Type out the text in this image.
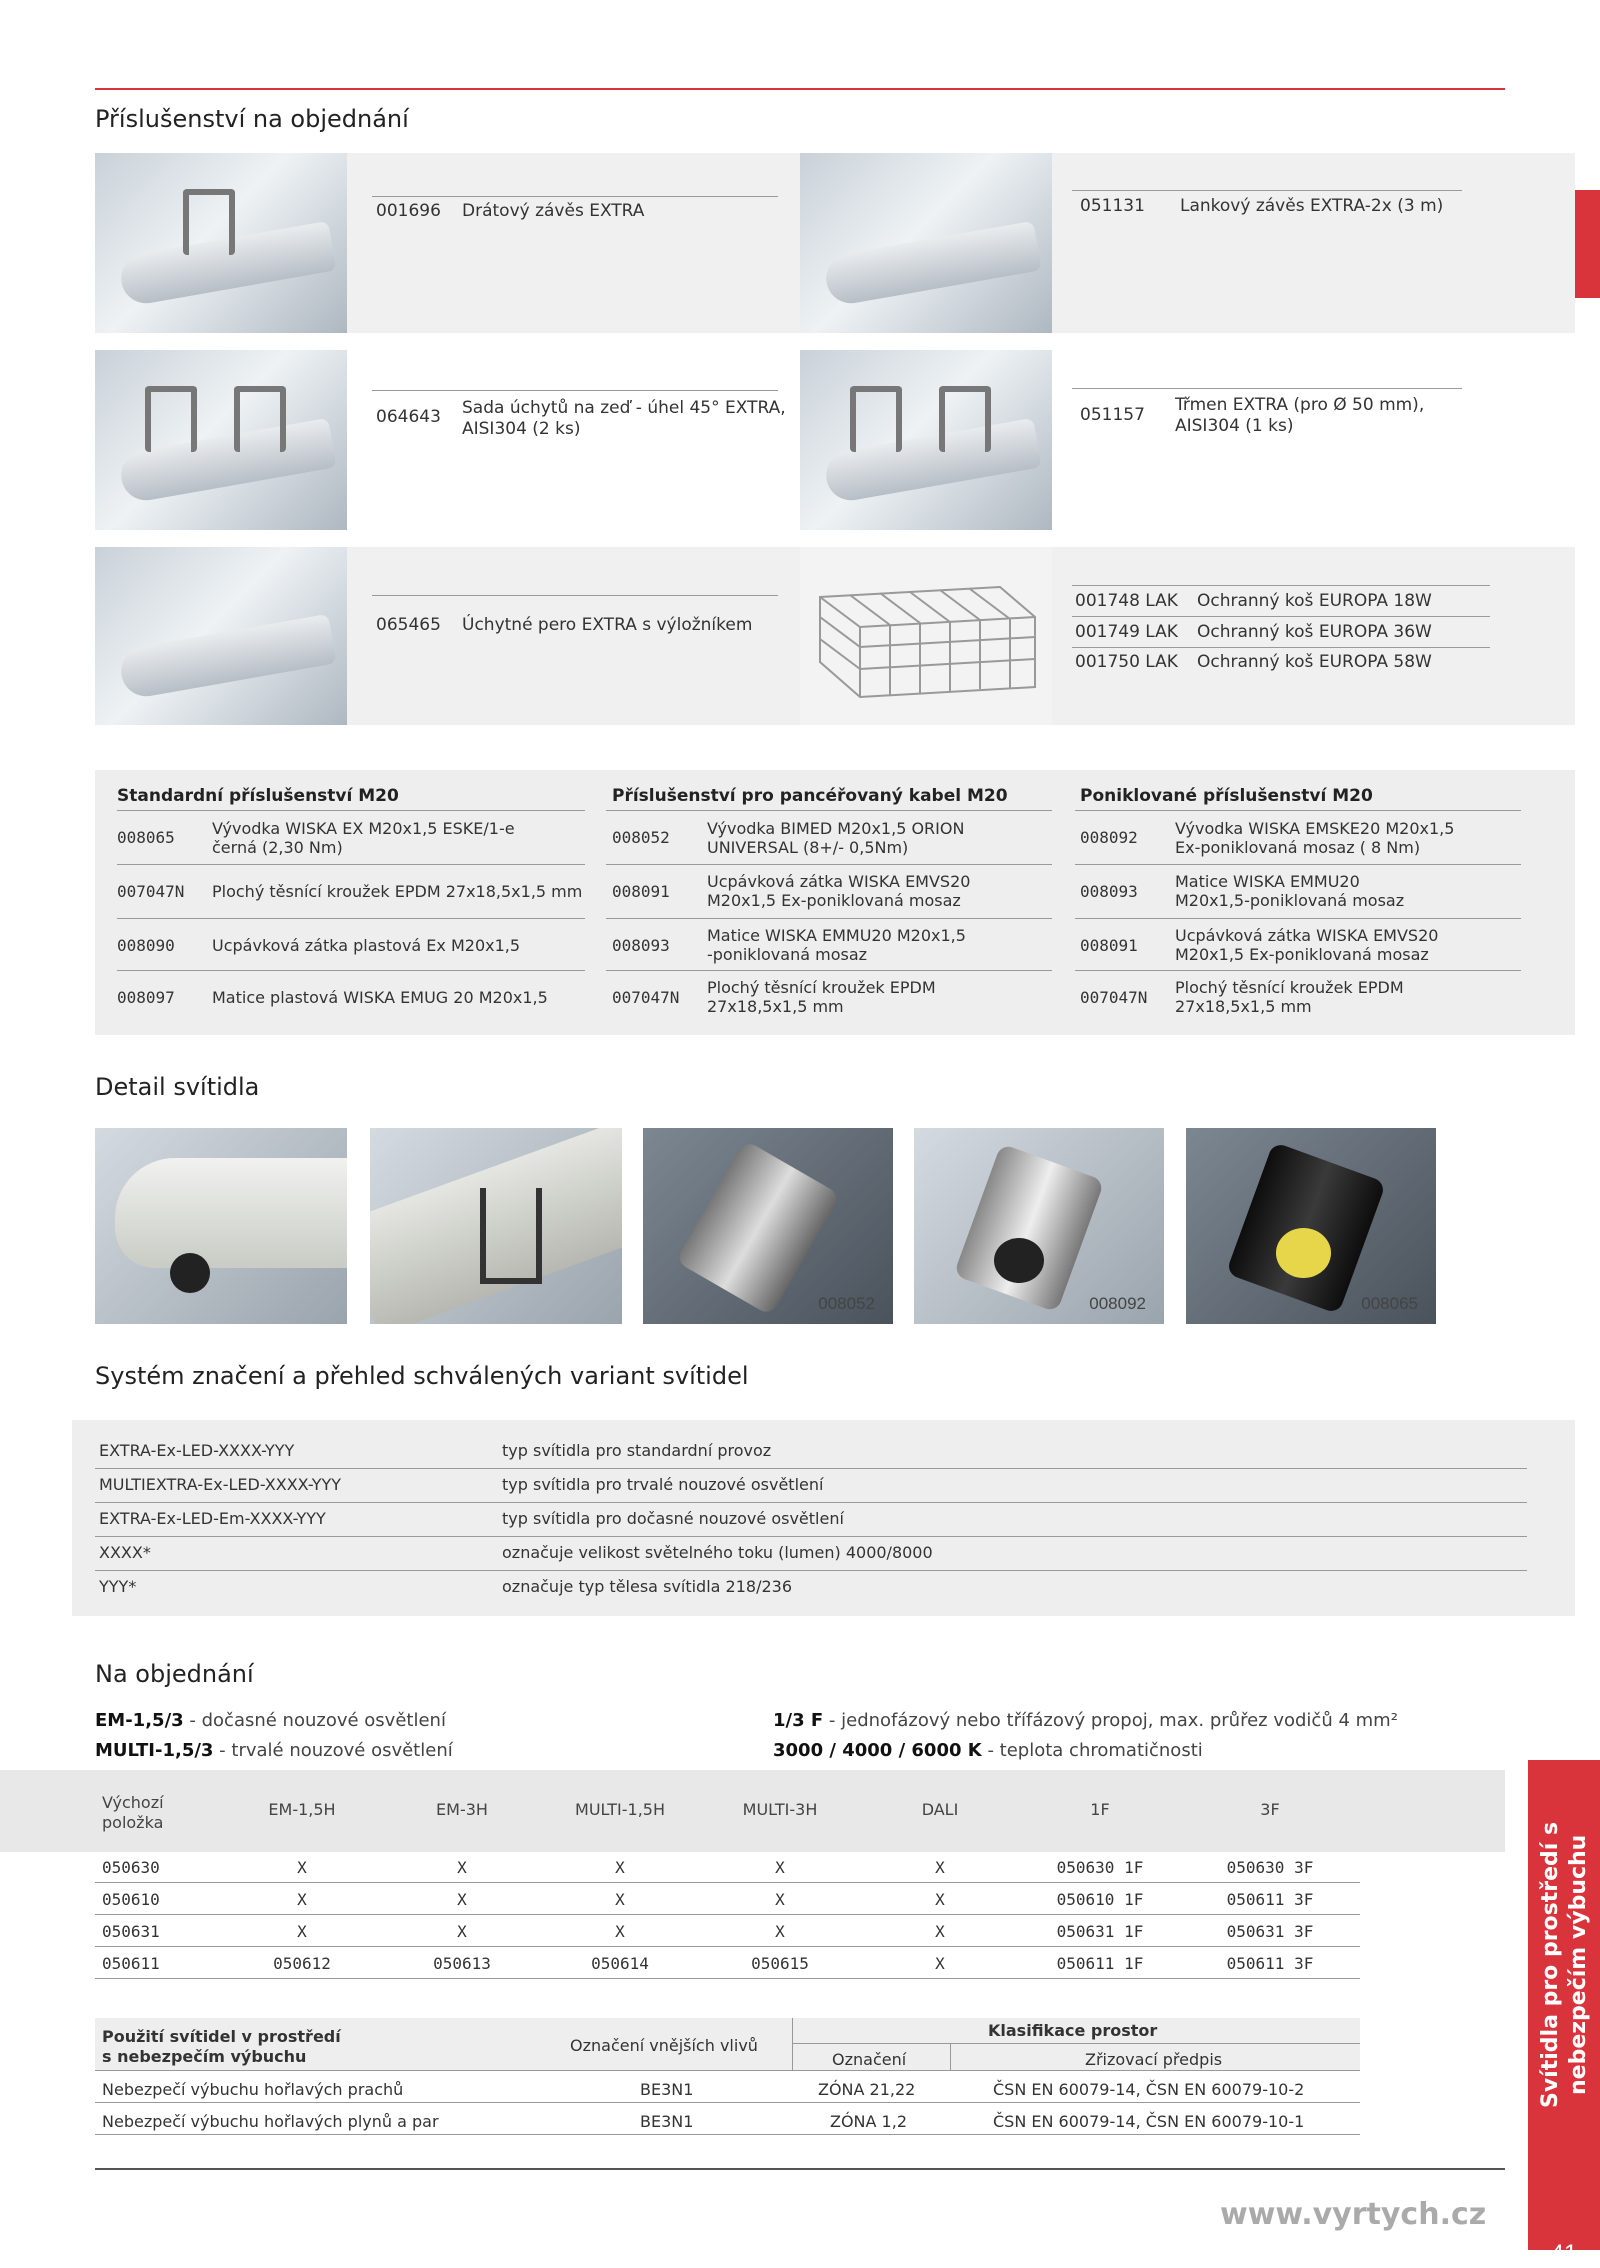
Příslušenství na objednání
001696 Drátový závěs EXTRA	051131 Lankový závěs EXTRA-2x (3 m)
064643 Sada úchytů na zeď - úhel 45° EXTRA,
AISI304 (2 ks)
051157 Třmen EXTRA (pro Ø 50 mm),
AISI304 (1 ks)
065465 Úchytné pero EXTRA s výložníkem
001748 LAK Ochranný koš EUROPA 18W
001749 LAK Ochranný koš EUROPA 36W
001750 LAK Ochranný koš EUROPA 58W
Standardní příslušenství M20
008065 Vývodka WISKA EX M20x1,5 ESKE/1-e
černá (2,30 Nm)
007047N Plochý těsnící kroužek EPDM 27x18,5x1,5 mm
008090 Ucpávková zátka plastová Ex M20x1,5
008097 Matice plastová WISKA EMUG 20 M20x1,5
Příslušenství pro pancéřovaný kabel M20
008052 Vývodka BIMED M20x1,5 ORION
UNIVERSAL (8+/- 0,5Nm)
008091
Ucpávková zátka WISKA EMVS20
M20x1,5 Ex-poniklovaná mosaz
008093
Matice WISKA EMMU20 M20x1,5
-poniklovaná mosaz
007047N
Plochý těsnící kroužek EPDM
27x18,5x1,5 mm
Poniklované příslušenství M20
008092 Vývodka WISKA EMSKE20 M20x1,5
Ex-poniklovaná mosaz ( 8 Nm)
008093
Matice WISKA EMMU20
M20x1,5-poniklovaná mosaz
008091
Ucpávková zátka WISKA EMVS20
M20x1,5 Ex-poniklovaná mosaz
007047N
Plochý těsnící kroužek EPDM
27x18,5x1,5 mm
Detail svítidla
008052	008092	008065
Systém značení a přehled schválených variant svítidel
EXTRA-Ex-LED-XXXX-YYY	typ svítidla pro standardní provoz
MULTIEXTRA-Ex-LED-XXXX-YYY	typ svítidla pro trvalé nouzové osvětlení
EXTRA-Ex-LED-Em-XXXX-YYY	typ svítidla pro dočasné nouzové osvětlení
XXXX*	označuje velikost světelného toku (lumen) 4000/8000
YYY*	označuje typ tělesa svítidla 218/236
Na objednání
EM-1,5/3 - dočasné nouzové osvětlení
MULTI-1,5/3 - trvalé nouzové osvětlení
1/3 F - jednofázový nebo třífázový propoj, max. průřez vodičů 4 mm²
3000 / 4000 / 6000 K - teplota chromatičnosti
Výchozí
položka
EM-1,5H	EM-3H	MULTI-1,5H	MULTI-3H	DALI	1F	3F
050630	X	X	X	X	X	050630 1F	050630 3F
050610	X	X	X	X	X	050610 1F	050611 3F
050631	X	X	X	X	X	050631 1F	050631 3F
050611	050612	050613	050614	050615	X	050611 1F	050611 3F
Použití svítidel v prostředí
s nebezpečím výbuchu
Označení vnějších vlivů
Klasifikace prostor
Označení	Zřizovací předpis
Nebezpečí výbuchu hořlavých prachů	BE3N1	ZÓNA 21,22	ČSN EN 60079-14, ČSN EN 60079-10-2
Nebezpečí výbuchu hořlavých plynů a par	BE3N1	ZÓNA 1,2	ČSN EN 60079-14, ČSN EN 60079-10-1
www.vyrtych.cz
Svítidla pro prostředí s nebezpečím výbuchu
41
